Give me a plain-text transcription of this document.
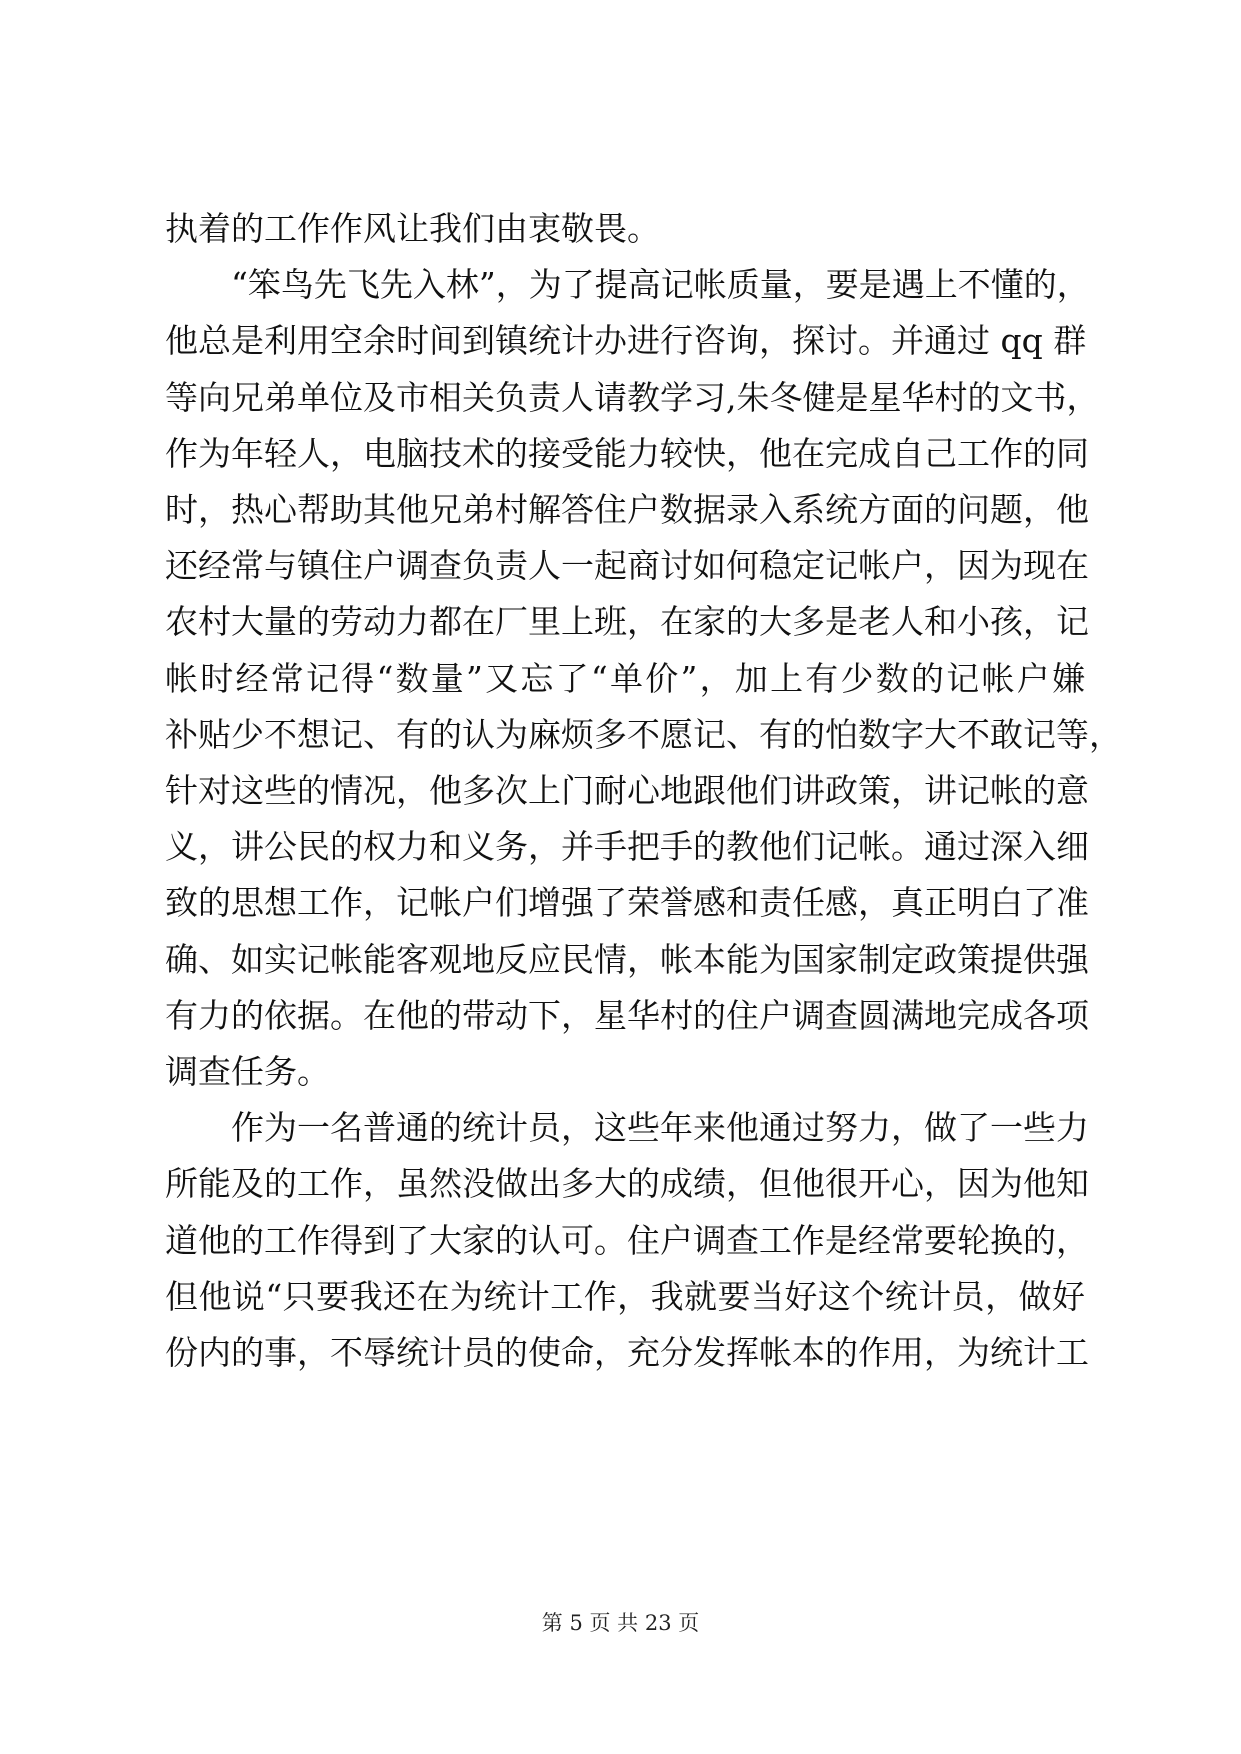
执着的工作作风让我们由衷敬畏。
“笨鸟先飞先入林”，为了提高记帐质量，要是遇上不懂的，
他总是利用空余时间到镇统计办进行咨询，探讨。并通过 qq 群
等向兄弟单位及市相关负责人请教学习,朱冬健是星华村的文书，
作为年轻人，电脑技术的接受能力较快，他在完成自己工作的同
时，热心帮助其他兄弟村解答住户数据录入系统方面的问题，他
还经常与镇住户调查负责人一起商讨如何稳定记帐户，因为现在
农村大量的劳动力都在厂里上班，在家的大多是老人和小孩，记
帐时经常记得“数量”又忘了“单价”，加上有少数的记帐户嫌
补贴少不想记、有的认为麻烦多不愿记、有的怕数字大不敢记等，
针对这些的情况，他多次上门耐心地跟他们讲政策，讲记帐的意
义，讲公民的权力和义务，并手把手的教他们记帐。通过深入细
致的思想工作，记帐户们增强了荣誉感和责任感，真正明白了准
确、如实记帐能客观地反应民情，帐本能为国家制定政策提供强
有力的依据。在他的带动下，星华村的住户调查圆满地完成各项
调查任务。
作为一名普通的统计员，这些年来他通过努力，做了一些力
所能及的工作，虽然没做出多大的成绩，但他很开心，因为他知
道他的工作得到了大家的认可。住户调查工作是经常要轮换的，
但他说“只要我还在为统计工作，我就要当好这个统计员，做好
份内的事，不辱统计员的使命，充分发挥帐本的作用，为统计工
第 5 页 共 23 页
